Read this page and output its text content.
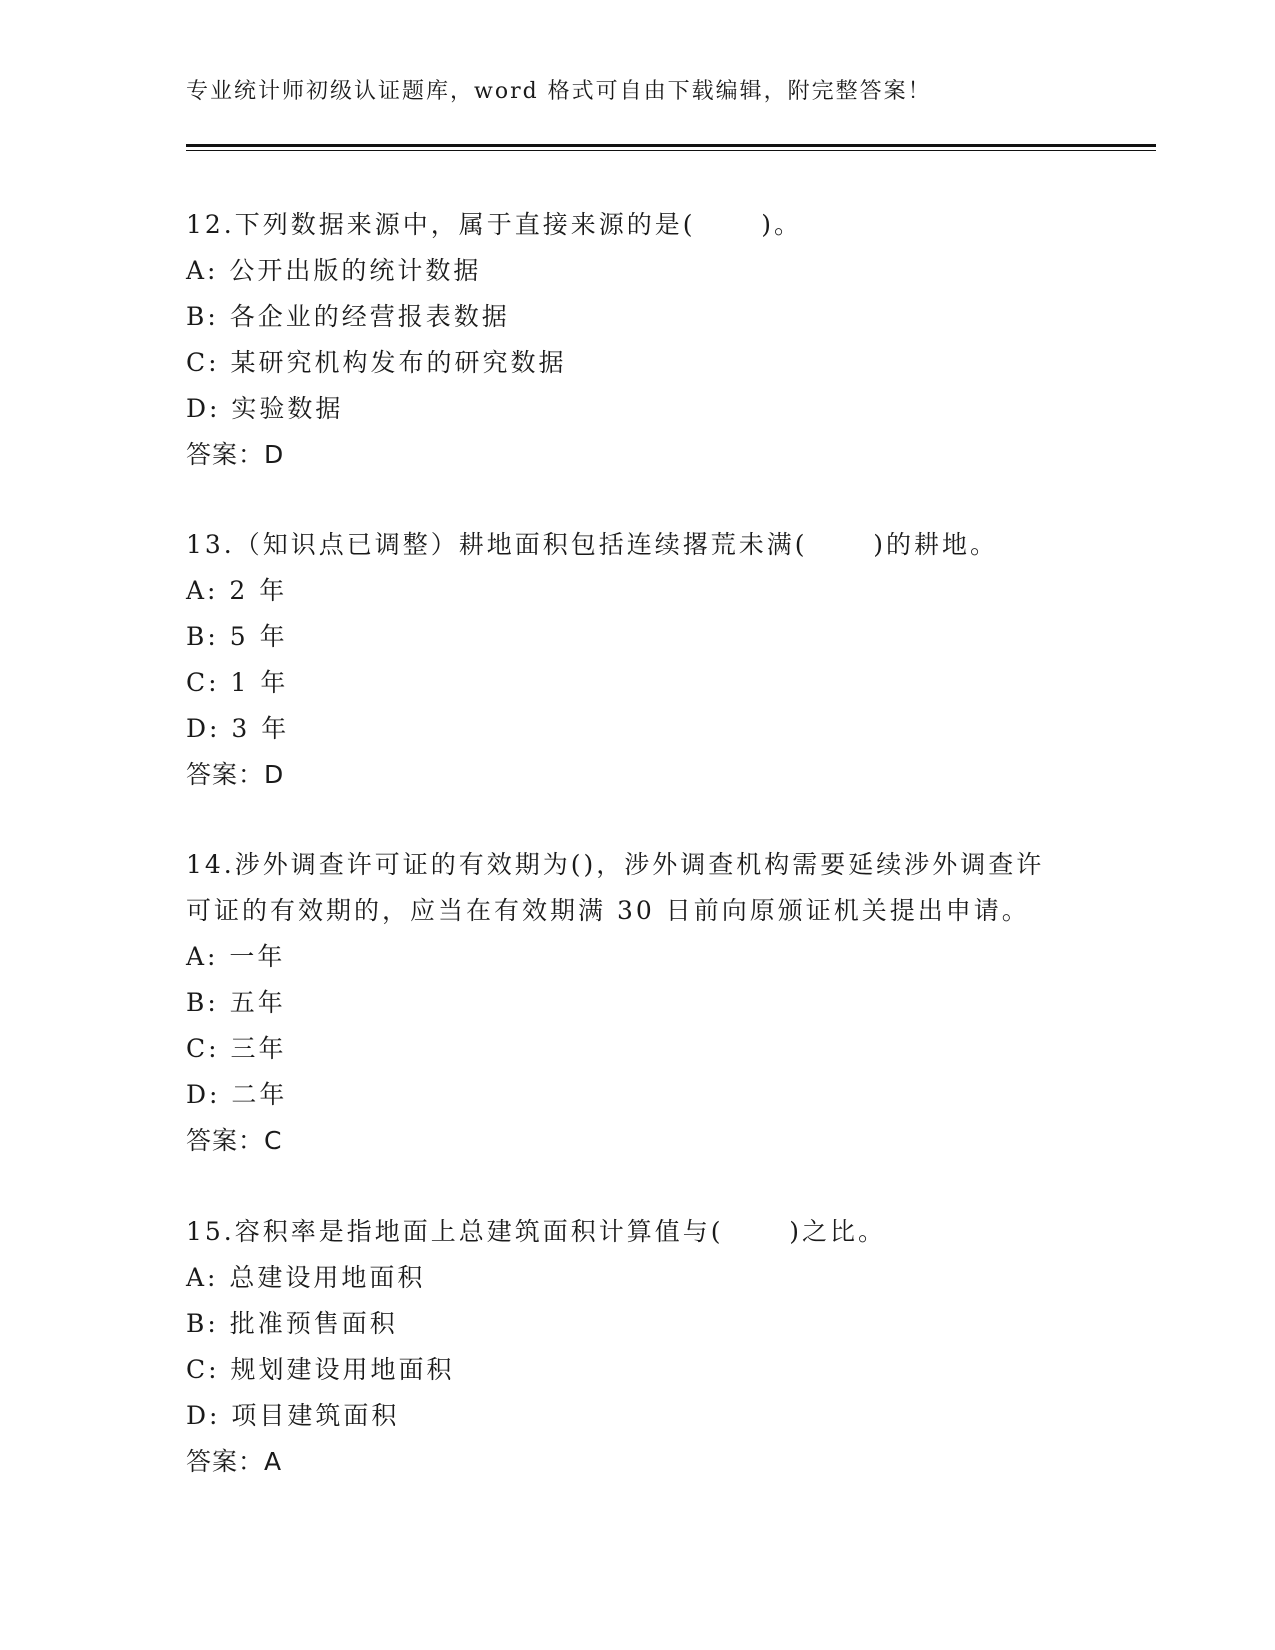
专业统计师初级认证题库，word 格式可自由下载编辑，附完整答案！
12.下列数据来源中，属于直接来源的是(      )。
A: 公开出版的统计数据
B: 各企业的经营报表数据
C: 某研究机构发布的研究数据
D: 实验数据
答案：D
13.（知识点已调整）耕地面积包括连续撂荒未满(      )的耕地。
A: 2 年
B: 5 年
C: 1 年
D: 3 年
答案：D
14.涉外调查许可证的有效期为()，涉外调查机构需要延续涉外调查许
可证的有效期的，应当在有效期满 30 日前向原颁证机关提出申请。
A: 一年
B: 五年
C: 三年
D: 二年
答案：C
15.容积率是指地面上总建筑面积计算值与(      )之比。
A: 总建设用地面积
B: 批准预售面积
C: 规划建设用地面积
D: 项目建筑面积
答案：A
